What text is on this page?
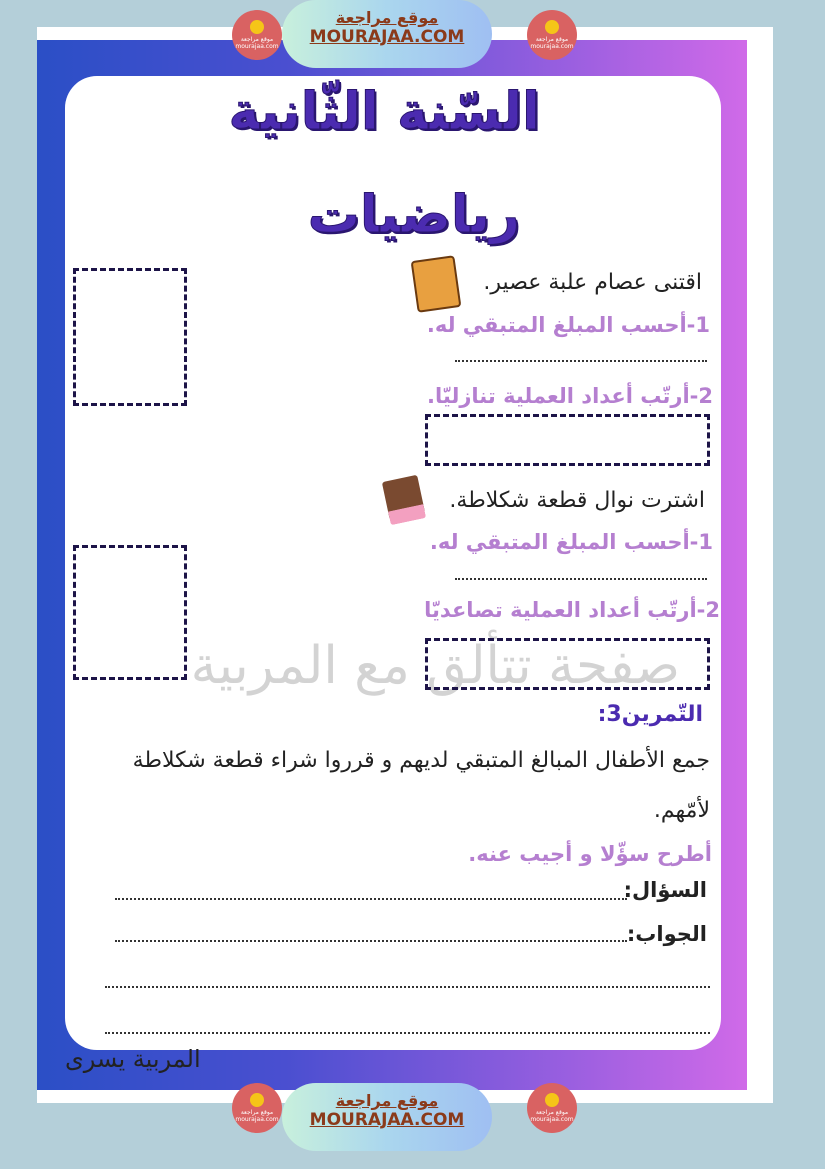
موقع مراجعة mourajaa.com
موقع مراجعة
MOURAJAA.COM	موقع مراجعة mourajaa.com
السّنة الثّانية
رياضيات
صفحة تتألق مع المربية
اقتنى عصام علبة عصير.
1-أحسب المبلغ المتبقي له.
2-أرتّب أعداد العملية تنازليّا.
اشترت نوال قطعة شكلاطة.
1-أحسب المبلغ المتبقي له.
2-أرتّب أعداد العملية تصاعديّا
التّمرين3:
جمع الأطفال المبالغ المتبقي لديهم و قرروا شراء قطعة شكلاطة لأمّهم.
أطرح سؤّلا و أجيب عنه.
السؤال:
الجواب:
المربية يسرى
موقع مراجعة mourajaa.com
موقع مراجعة
MOURAJAA.COM	موقع مراجعة mourajaa.com
